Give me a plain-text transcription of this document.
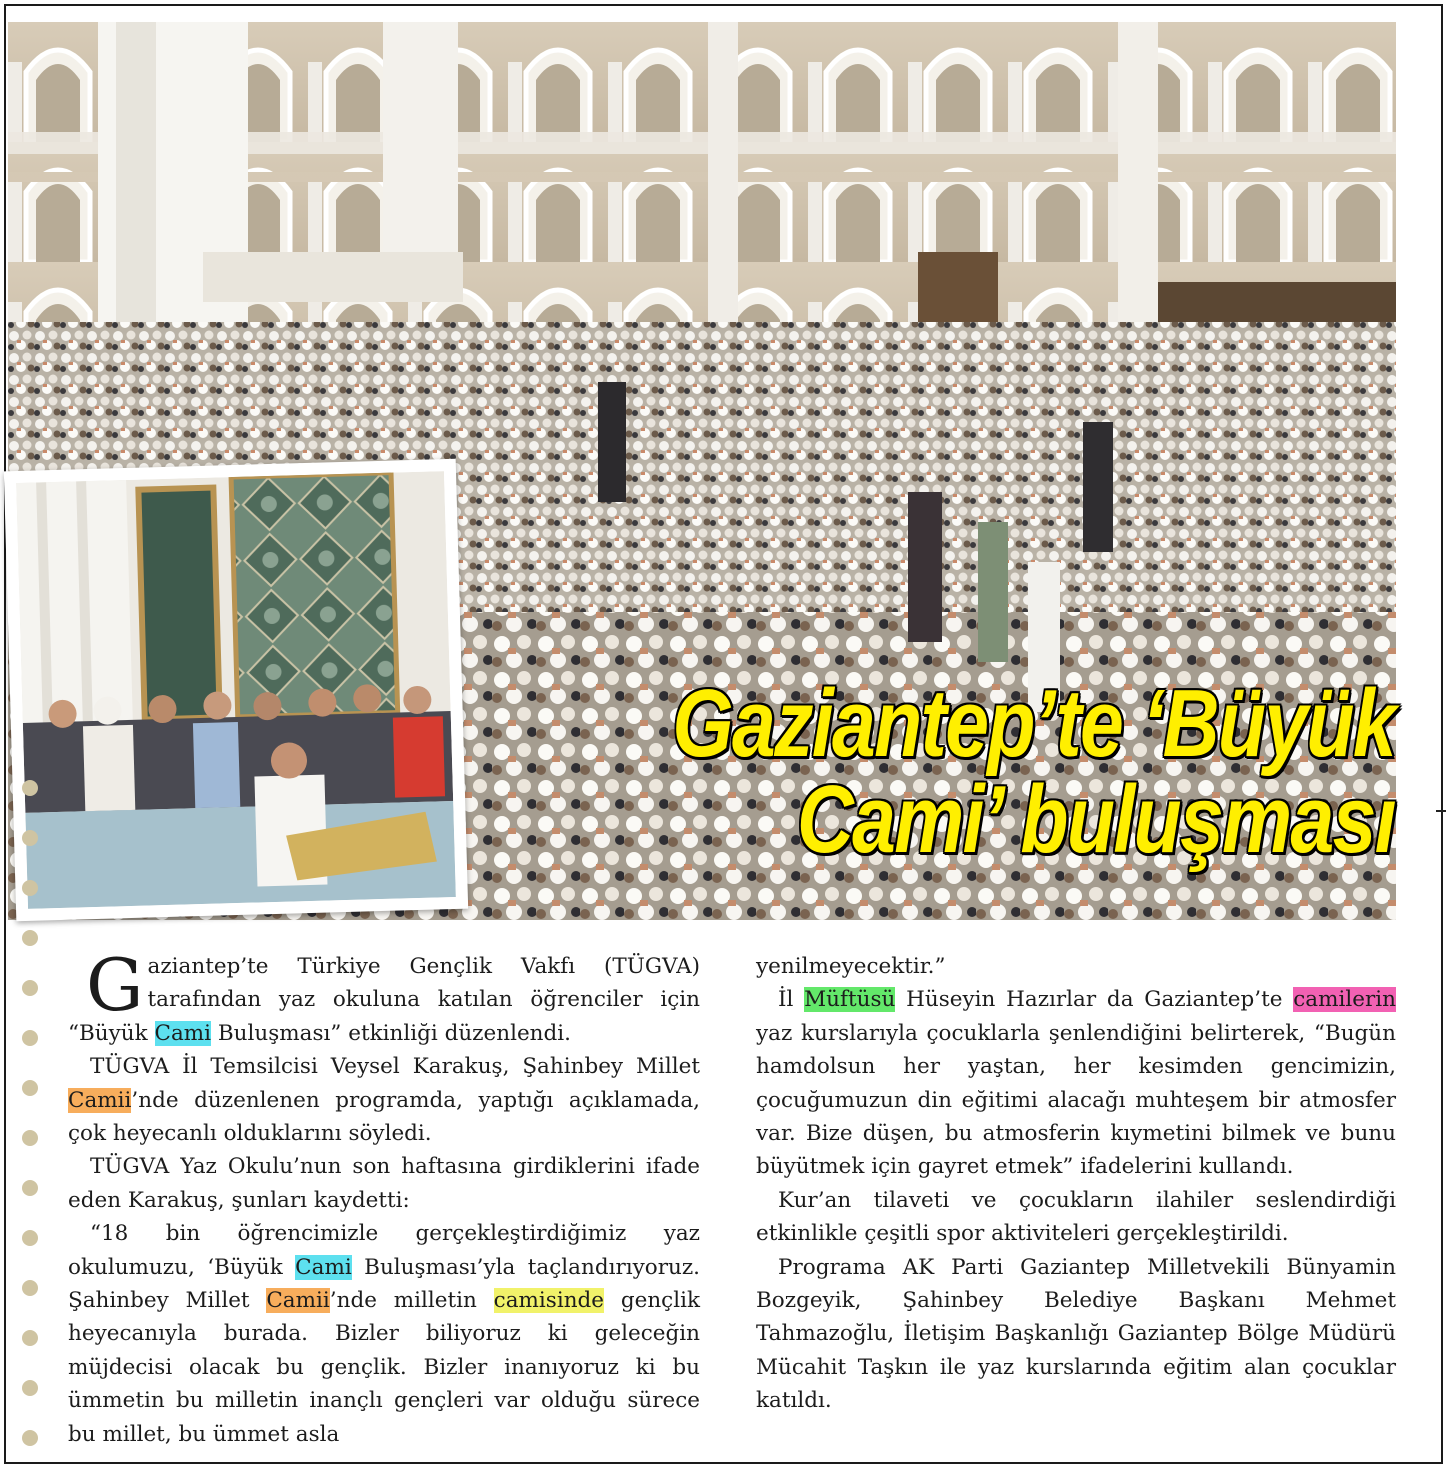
Gaziantep’te ‘Büyük
Cami’ buluşması

Gaziantep’te Türkiye Gençlik Vakfı (TÜGVA) tarafından yaz okuluna katılan öğrenciler için “Büyük Cami Buluşması” etkinliği düzenlendi.

TÜGVA İl Temsilcisi Veysel Karakuş, Şahinbey Millet Camii’nde düzenlenen programda, yaptığı açıklamada, çok heyecanlı olduklarını söyledi.

TÜGVA Yaz Okulu’nun son haftasına girdiklerini ifade eden Karakuş, şunları kaydetti:

“18 bin öğrencimizle gerçekleştirdiğimiz yaz okulumuzu, ‘Büyük Cami Buluşması’yla taçlandırıyoruz. Şahinbey Millet Camii’nde milletin camisinde gençlik heyecanıyla burada. Bizler biliyoruz ki geleceğin müjdecisi olacak bu gençlik. Bizler inanıyoruz ki bu ümmetin bu milletin inançlı gençleri var olduğu sürece bu millet, bu ümmet asla

yenilmeyecektir.”

İl Müftüsü Hüseyin Hazırlar da Gaziantep’te camilerin yaz kurslarıyla çocuklarla şenlendiğini belirterek, “Bugün hamdolsun her yaştan, her kesimden gencimizin, çocuğumuzun din eğitimi alacağı muhteşem bir atmosfer var. Bize düşen, bu atmosferin kıymetini bilmek ve bunu büyütmek için gayret etmek” ifadelerini kullandı.

Kur’an tilaveti ve çocukların ilahiler seslendirdiği etkinlikle çeşitli spor aktiviteleri gerçekleştirildi.

Programa AK Parti Gaziantep Milletvekili Bünyamin Bozgeyik, Şahinbey Belediye Başkanı Mehmet Tahmazoğlu, İletişim Başkanlığı Gaziantep Bölge Müdürü Mücahit Taşkın ile yaz kurslarında eğitim alan çocuklar katıldı.
